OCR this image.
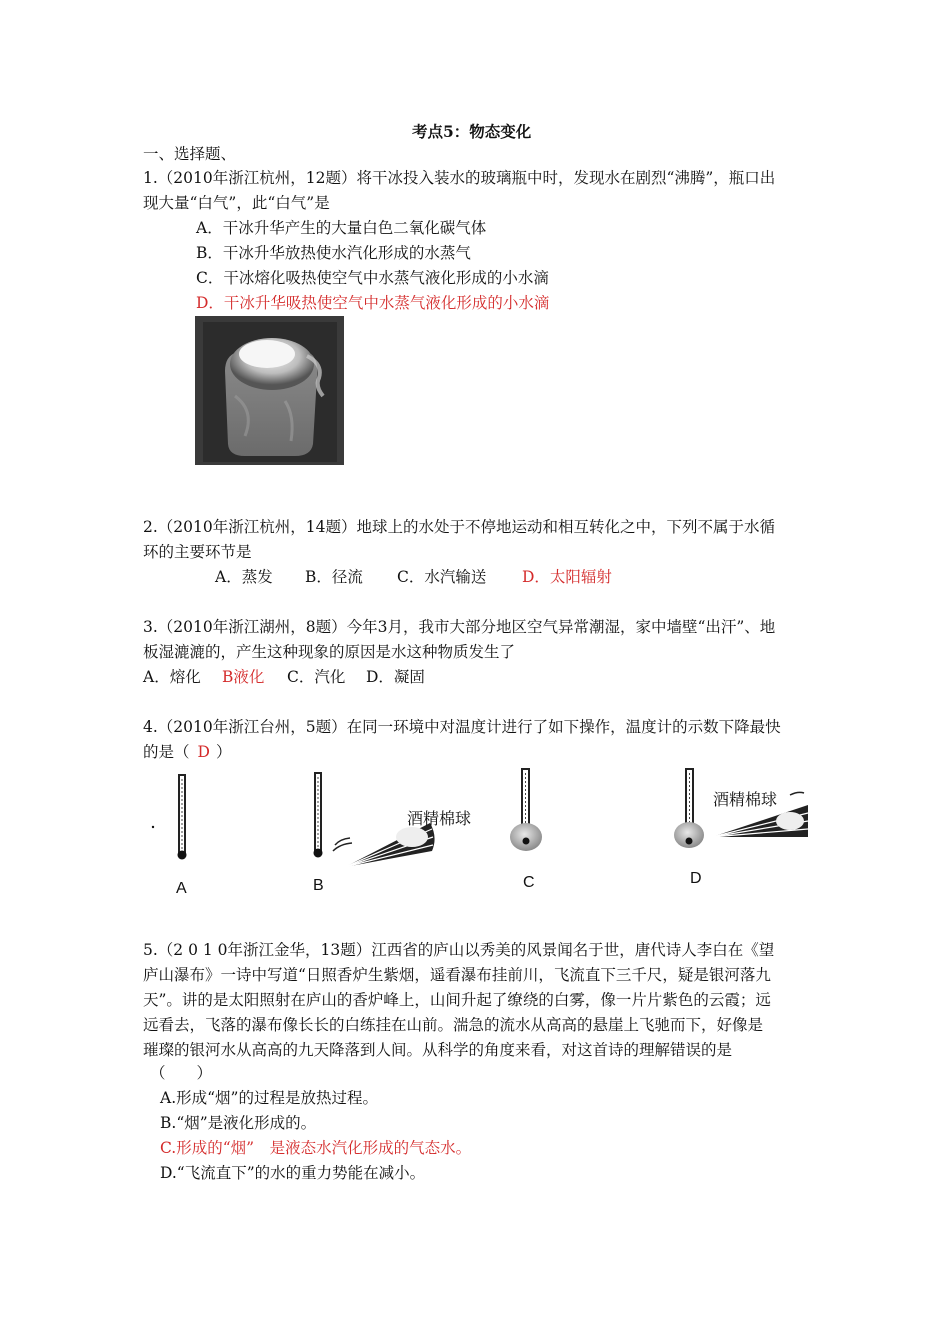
考点5：物态变化
一、选择题、
1.（2010年浙江杭州，12题）将干冰投入装水的玻璃瓶中时，发现水在剧烈“沸腾”，瓶口出
现大量“白气”，此“白气”是
A．干冰升华产生的大量白色二氧化碳气体
B．干冰升华放热使水汽化形成的水蒸气
C．干冰熔化吸热使空气中水蒸气液化形成的小水滴
D．干冰升华吸热使空气中水蒸气液化形成的小水滴
2.（2010年浙江杭州，14题）地球上的水处于不停地运动和相互转化之中，下列不属于水循
环的主要环节是
A．蒸发 B．径流 C．水汽输送 D．太阳辐射
3.（2010年浙江湖州，8题）今年3月，我市大部分地区空气异常潮湿，家中墙壁“出汗”、地
板湿漉漉的，产生这种现象的原因是水这种物质发生了
A．熔化 B液化 C．汽化 D．凝固
4.（2010年浙江台州，5题）在同一环境中对温度计进行了如下操作，温度计的示数下降最快
的是（ D ）
酒精棉球
酒精棉球
A	B	C	D
5.（2 0 1 0年浙江金华，13题）江西省的庐山以秀美的风景闻名于世，唐代诗人李白在《望
庐山瀑布》一诗中写道“日照香炉生紫烟，遥看瀑布挂前川，飞流直下三千尺，疑是银河落九
天”。讲的是太阳照射在庐山的香炉峰上，山间升起了缭绕的白雾，像一片片紫色的云霞；远
远看去，飞落的瀑布像长长的白练挂在山前。湍急的流水从高高的悬崖上飞驰而下，好像是
璀璨的银河水从高高的九天降落到人间。从科学的角度来看，对这首诗的理解错误的是
（　　）
A.形成“烟”的过程是放热过程。
B.“烟”是液化形成的。
C.形成的“烟”　是液态水汽化形成的气态水。
D.“飞流直下”的水的重力势能在减小。
